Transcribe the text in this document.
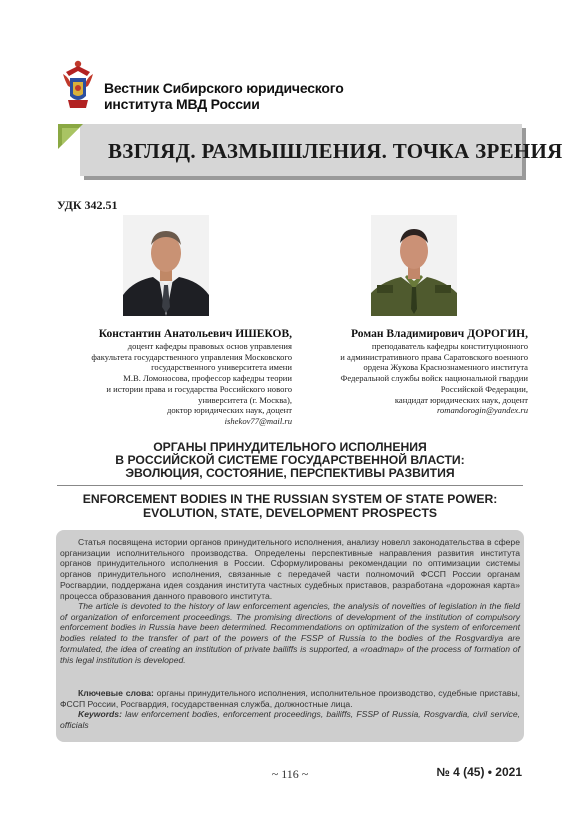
Вестник Сибирского юридического
института МВД России
ВЗГЛЯД. РАЗМЫШЛЕНИЯ. ТОЧКА ЗРЕНИЯ
УДК 342.51
Константин Анатольевич ИШЕКОВ,
доцент кафедры правовых основ управления
факультета государственного управления Московского
государственного университета имени
М.В. Ломоносова, профессор кафедры теории
и истории права и государства Российского нового
университета (г. Москва),
доктор юридических наук, доцент
ishekov77@mail.ru
Роман Владимирович ДОРОГИН,
преподаватель кафедры конституционного
и административного права Саратовского военного
ордена Жукова Краснознаменного института
Федеральной службы войск национальной гвардии
Российской Федерации,
кандидат юридических наук, доцент
romandorogin@yandex.ru
ОРГАНЫ ПРИНУДИТЕЛЬНОГО ИСПОЛНЕНИЯ
В РОССИЙСКОЙ СИСТЕМЕ ГОСУДАРСТВЕННОЙ ВЛАСТИ:
ЭВОЛЮЦИЯ, СОСТОЯНИЕ, ПЕРСПЕКТИВЫ РАЗВИТИЯ
ENFORCEMENT BODIES IN THE RUSSIAN SYSTEM OF STATE POWER:
EVOLUTION, STATE, DEVELOPMENT PROSPECTS
Статья посвящена истории органов принудительного исполнения, анализу новелл законодательства в сфере организации исполнительного производства. Определены перспективные направления развития института органов принудительного исполнения в России. Сформулированы рекомендации по оптимизации системы органов принудительного исполнения, связанные с передачей части полномочий ФССП России органам Росгвардии, поддержана идея создания института частных судебных приставов, разработана «дорожная карта» процесса образования данного правового института.
The article is devoted to the history of law enforcement agencies, the analysis of novelties of legislation in the field of organization of enforcement proceedings. The promising directions of development of the institution of compulsory enforcement bodies in Russia have been determined. Recommendations on optimization of the system of enforcement bodies related to the transfer of part of the powers of the FSSP of Russia to the bodies of the Rosgvardiya are formulated, the idea of creating an institution of private bailiffs is supported, a «roadmap» of the process of formation of this legal institution is developed.
Ключевые слова: органы принудительного исполнения, исполнительное производство, судебные приставы, ФССП России, Росгвардия, государственная служба, должностные лица.
Keywords: law enforcement bodies, enforcement proceedings, bailiffs, FSSP of Russia, Rosgvardia, civil service, officials
~ 116 ~	№ 4 (45) • 2021
